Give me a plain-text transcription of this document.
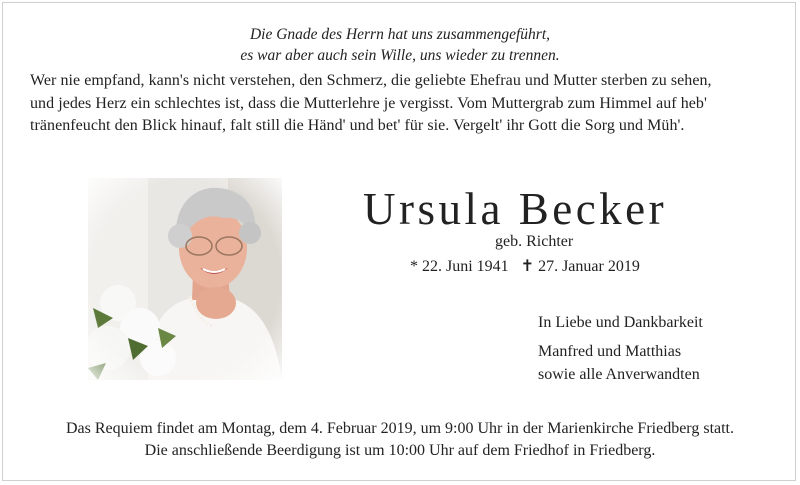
Die Gnade des Herrn hat uns zusammengeführt,
es war aber auch sein Wille, uns wieder zu trennen.
Wer nie empfand, kann's nicht verstehen, den Schmerz, die geliebte Ehefrau und Mutter sterben zu sehen,
und jedes Herz ein schlechtes ist, dass die Mutterlehre je vergisst. Vom Muttergrab zum Himmel auf heb'
tränenfeucht den Blick hinauf, falt still die Händ' und bet' für sie. Vergelt' ihr Gott die Sorg und Müh'.
Ursula Becker
geb. Richter
* 22. Juni 1941 ✝ 27. Januar 2019
In Liebe und Dankbarkeit
Manfred und Matthias
sowie alle Anverwandten
Das Requiem findet am Montag, dem 4. Februar 2019, um 9:00 Uhr in der Marienkirche Friedberg statt.
Die anschließende Beerdigung ist um 10:00 Uhr auf dem Friedhof in Friedberg.
